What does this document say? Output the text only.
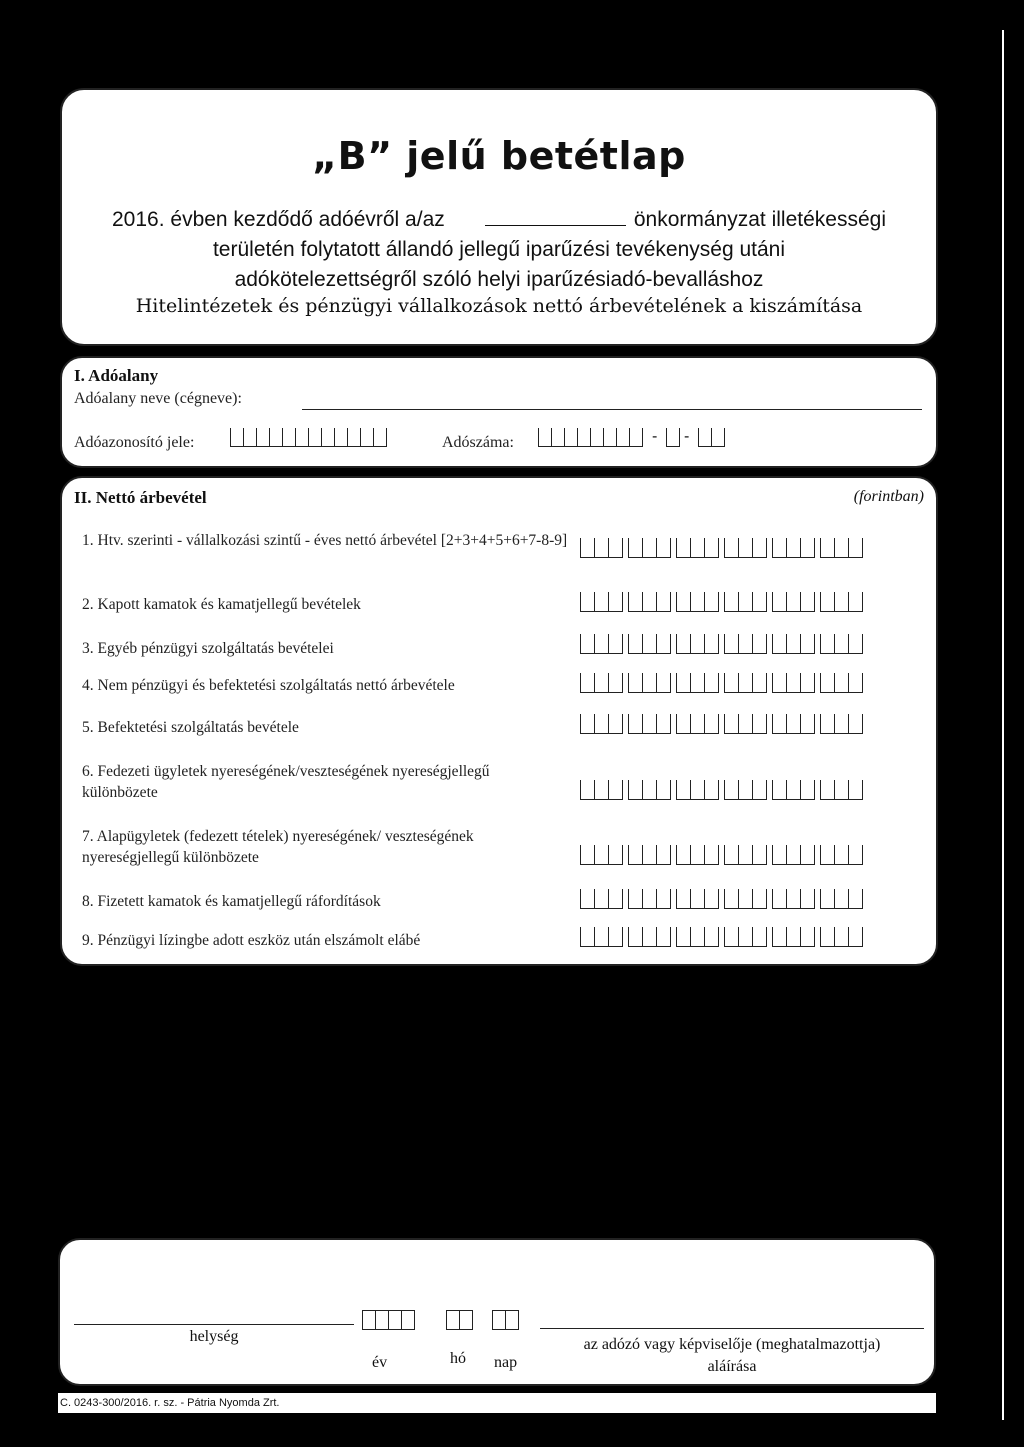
„B” jelű betétlap
2016. évben kezdődő adóévről a/az	önkormányzat illetékességi
területén folytatott állandó jellegű iparűzési tevékenység utáni
adókötelezettségről szóló helyi iparűzésiadó-bevalláshoz
Hitelintézetek és pénzügyi vállalkozások nettó árbevételének a kiszámítása
I. Adóalany
Adóalany neve (cégneve):
Adóazonosító jele:	Adószáma:	- -
II. Nettó árbevétel	(forintban)
1. Htv. szerinti - vállalkozási szintű - éves nettó árbevétel [2+3+4+5+6+7-8-9]
2. Kapott kamatok és kamatjellegű bevételek
3. Egyéb pénzügyi szolgáltatás bevételei
4. Nem pénzügyi és befektetési szolgáltatás nettó árbevétele
5. Befektetési szolgáltatás bevétele
6. Fedezeti ügyletek nyereségének/veszteségének nyereségjellegű különbözete
7. Alapügyletek (fedezett tételek) nyereségének/ veszteségének nyereségjellegű különbözete
8. Fizetett kamatok és kamatjellegű ráfordítások
9. Pénzügyi lízingbe adott eszköz után elszámolt elábé
helység
év	hó nap
az adózó vagy képviselője (meghatalmazottja)
aláírása
C. 0243-300/2016. r. sz. - Pátria Nyomda Zrt.
